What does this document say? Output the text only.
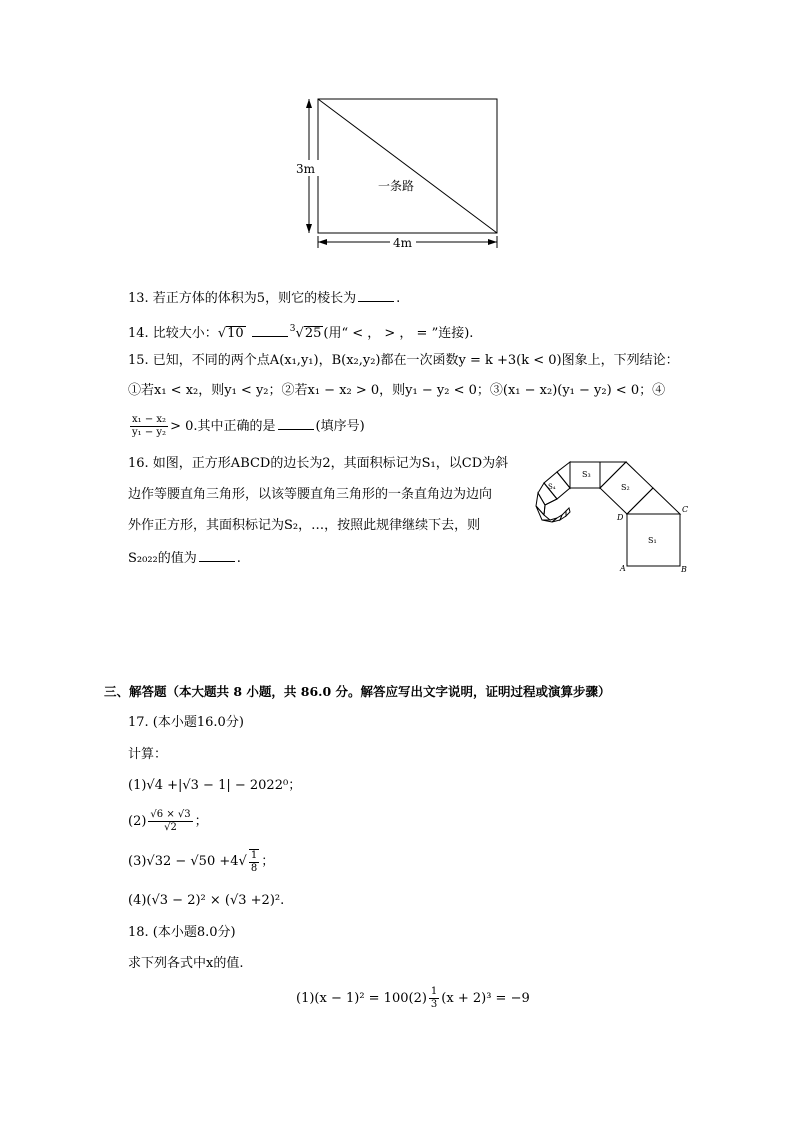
3m
4m
一条路
13. 若正方体的体积为5，则它的棱长为	.
14. 比较大小：√10	$^3$√25 (用“ < ， > ， = ”连接).
15. 已知，不同的两个点A(x₁,y₁)，B(x₂,y₂)都在一次函数y = k +3(k < 0)图象上，下列结论：
①若x₁ < x₂，则y₁ < y₂；②若x₁ − x₂ > 0，则y₁ − y₂ < 0；③(x₁ − x₂)(y₁ − y₂) < 0；④
$\frac{\text{x₁ − x₂}}{\text{y₁ − y₂}} > 0$.其中正确的是	(填序号)
16. 如图，正方形ABCD的边长为2，其面积标记为S₁，以CD为斜
边作等腰直角三角形，以该等腰直角三角形的一条直角边为边向
外作正方形，其面积标记为S₂，…，按照此规律继续下去，则
S₂₀₂₂的值为	.
S₁
S₂
S₃
S₄
A	B
C
D
三、解答题（本大题共 8 小题，共 86.0 分。解答应写出文字说明，证明过程或演算步骤）
17. (本小题16.0分)
计算：
(1)√4 +|√3 − 1| − 2022⁰；
$(2) \frac{√6 \times √3}{√2}$ ；
$(3)√32 - √50 +4√ \frac{1}{8}$ ；
(4)(√3 − 2)² × (√3 +2)².
18. (本小题8.0分)
求下列各式中x的值.
$(1)(x - 1)^2 = 100(2) \frac{1}{3} (x + 2)^3 = -9$
